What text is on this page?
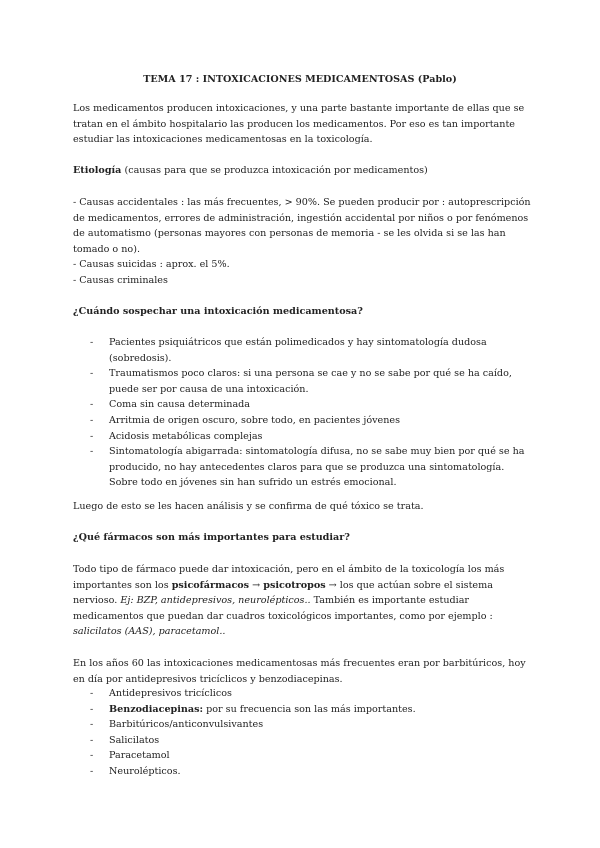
TEMA 17 : INTOXICACIONES MEDICAMENTOSAS (Pablo)

Los medicamentos producen intoxicaciones, y una parte bastante importante de ellas que se tratan en el ámbito hospitalario las producen los medicamentos. Por eso es tan importante estudiar las intoxicaciones medicamentosas en la toxicología.

Etiología (causas para que se produzca intoxicación por medicamentos)

- Causas accidentales : las más frecuentes, > 90%. Se pueden producir por : autoprescripción de medicamentos, errores de administración, ingestión accidental por niños o por fenómenos de automatismo (personas mayores con personas de memoria - se les olvida si se las han tomado o no).

- Causas suicidas : aprox. el 5%.

- Causas criminales

¿Cuándo sospechar una intoxicación medicamentosa?

- Pacientes psiquiátricos que están polimedicados y hay sintomatología dudosa (sobredosis).
- Traumatismos poco claros: si una persona se cae y no se sabe por qué se ha caído, puede ser por causa de una intoxicación.
- Coma sin causa determinada
- Arritmia de origen oscuro, sobre todo, en pacientes jóvenes
- Acidosis metabólicas complejas
- Sintomatología abigarrada: sintomatología difusa, no se sabe muy bien por qué se ha producido, no hay antecedentes claros para que se produzca una sintomatología. Sobre todo en jóvenes sin han sufrido un estrés emocional.

Luego de esto se les hacen análisis y se confirma de qué tóxico se trata.

¿Qué fármacos son más importantes para estudiar?

Todo tipo de fármaco puede dar intoxicación, pero en el ámbito de la toxicología los más importantes son los psicofármacos → psicotropos → los que actúan sobre el sistema nervioso. Ej: BZP, antidepresivos, neurolépticos.. También es importante estudiar medicamentos que puedan dar cuadros toxicológicos importantes, como por ejemplo : salicilatos (AAS), paracetamol..

En los años 60 las intoxicaciones medicamentosas más frecuentes eran por barbitúricos, hoy en día por antidepresivos tricíclicos y benzodiacepinas.

- Antidepresivos tricíclicos
- Benzodiacepinas: por su frecuencia son las más importantes.
- Barbitúricos/anticonvulsivantes
- Salicilatos
- Paracetamol
- Neurolépticos.
